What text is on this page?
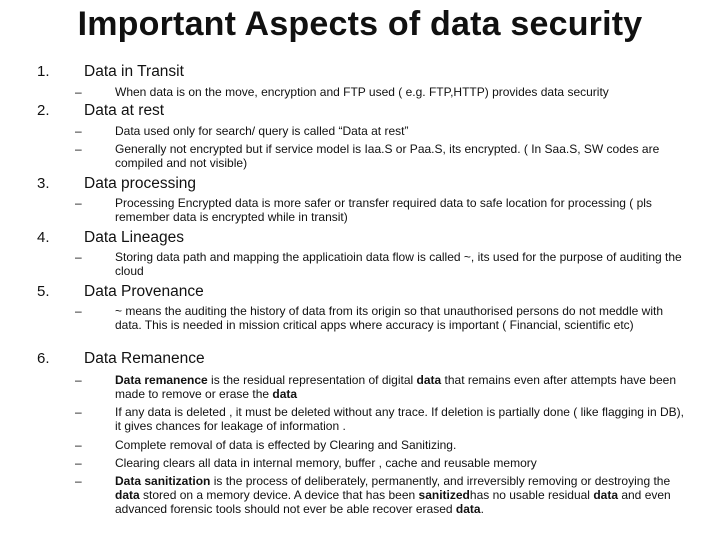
Important Aspects of data security
1. Data in Transit
–	When data is on the move, encryption and FTP used ( e.g. FTP,HTTP) provides data security
2. Data at rest
–	Data used only for search/ query is called “Data at rest”
–	Generally not encrypted but if service model is Iaa.S or Paa.S, its encrypted. ( In Saa.S, SW codes are compiled and not visible)
3. Data processing
–	Processing Encrypted data is more safer or transfer required data to safe location for processing ( pls remember data is encrypted while in transit)
4. Data Lineages
–	Storing data path and mapping the applicatioin data flow is called ~, its used for the purpose of auditing the cloud
5. Data Provenance
–	~ means the auditing the history of data from its origin so that unauthorised persons do not meddle with data. This is needed in mission critical apps where accuracy is important ( Financial, scientific etc)
6. Data Remanence
–	Data remanence is the residual representation of digital data that remains even after attempts have been made to remove or erase the data
–	If any data is deleted , it must be deleted without any trace. If deletion is partially done ( like flagging in DB), it gives chances for leakage of information .
–	Complete removal of data is effected by Clearing and Sanitizing.
–	Clearing clears all data in internal memory, buffer , cache and reusable memory
–	Data sanitization is the process of deliberately, permanently, and irreversibly removing or destroying the data stored on a memory device. A device that has been sanitizedhas no usable residual data and even advanced forensic tools should not ever be able recover erased data.
